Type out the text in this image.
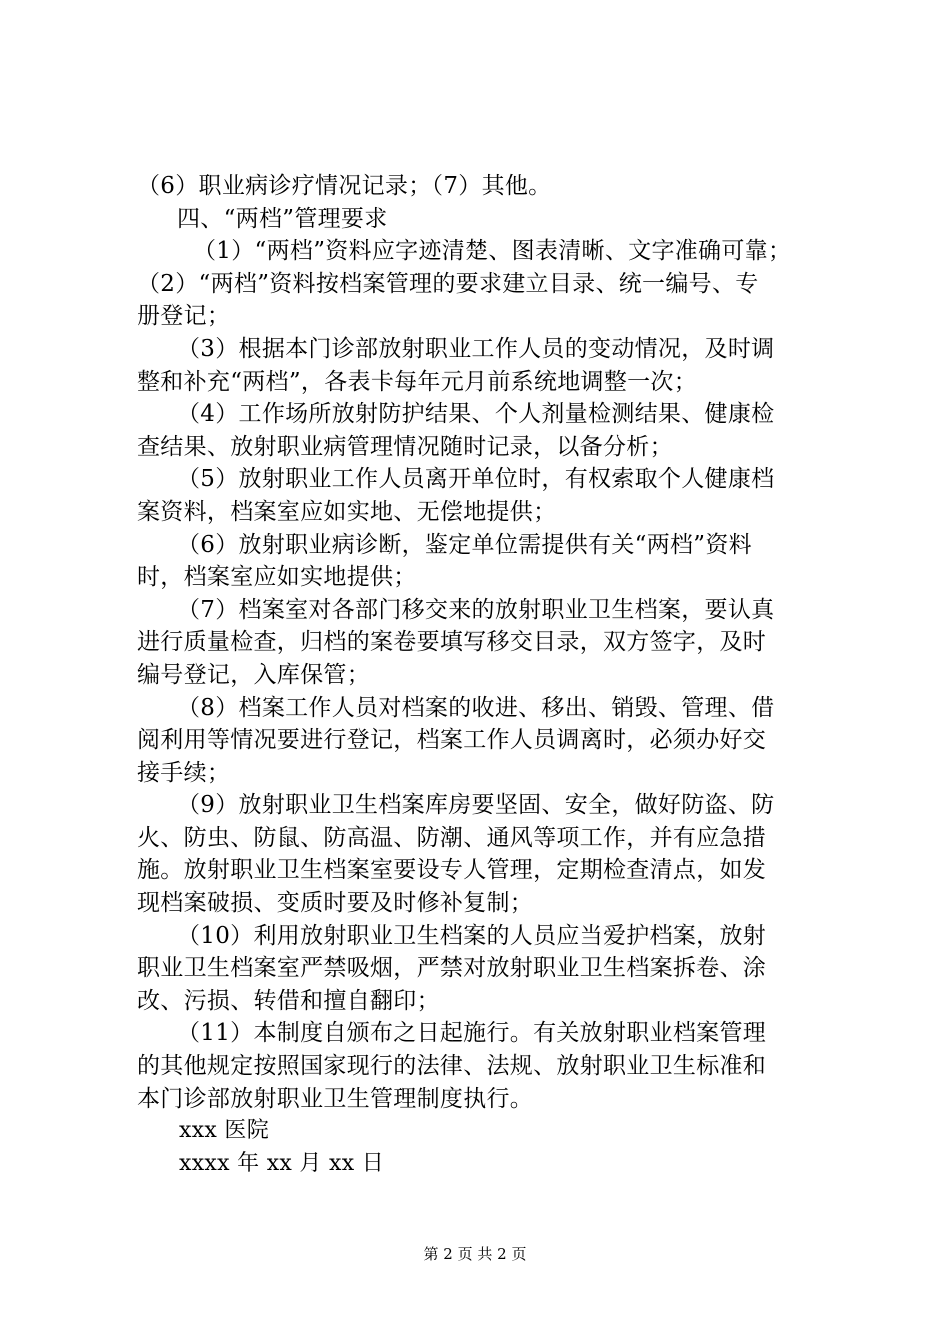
（6）职业病诊疗情况记录；（7）其他。
四、“两档”管理要求
（1）“两档”资料应字迹清楚、图表清晰、文字准确可靠；
（2）“两档”资料按档案管理的要求建立目录、统一编号、专
册登记；
（3）根据本门诊部放射职业工作人员的变动情况，及时调
整和补充“两档”，各表卡每年元月前系统地调整一次；
（4）工作场所放射防护结果、个人剂量检测结果、健康检
查结果、放射职业病管理情况随时记录，以备分析；
（5）放射职业工作人员离开单位时，有权索取个人健康档
案资料，档案室应如实地、无偿地提供；
（6）放射职业病诊断，鉴定单位需提供有关“两档”资料
时，档案室应如实地提供；
（7）档案室对各部门移交来的放射职业卫生档案，要认真
进行质量检查，归档的案卷要填写移交目录，双方签字，及时
编号登记，入库保管；
（8）档案工作人员对档案的收进、移出、销毁、管理、借
阅利用等情况要进行登记，档案工作人员调离时，必须办好交
接手续；
（9）放射职业卫生档案库房要坚固、安全，做好防盗、防
火、防虫、防鼠、防高温、防潮、通风等项工作，并有应急措
施。放射职业卫生档案室要设专人管理，定期检查清点，如发
现档案破损、变质时要及时修补复制；
（10）利用放射职业卫生档案的人员应当爱护档案，放射
职业卫生档案室严禁吸烟，严禁对放射职业卫生档案拆卷、涂
改、污损、转借和擅自翻印；
（11）本制度自颁布之日起施行。有关放射职业档案管理
的其他规定按照国家现行的法律、法规、放射职业卫生标准和
本门诊部放射职业卫生管理制度执行。
xxx 医院
xxxx 年 xx 月 xx 日
第 2 页 共 2 页
